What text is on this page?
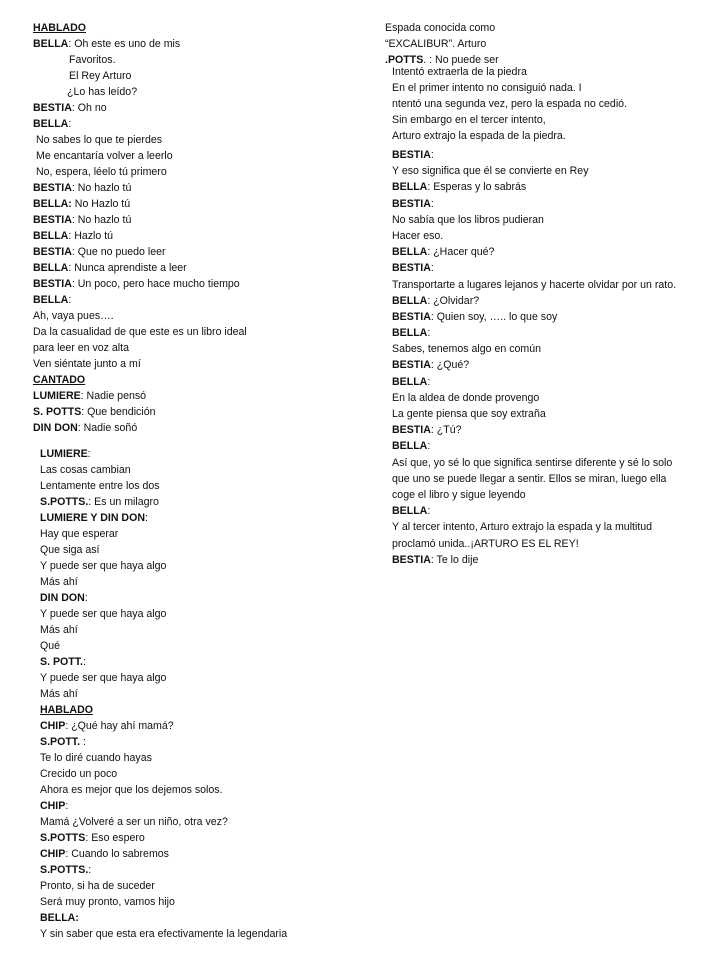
HABLADO
BELLA: Oh este es uno de mis
Favoritos.
El Rey Arturo
¿Lo has leído?
BESTIA: Oh no
BELLA:
No sabes lo que te pierdes
Me encantaría volver a leerlo
No, espera, léelo tú primero
BESTIA: No hazlo tú
BELLA: No Hazlo tú
BESTIA: No hazlo tú
BELLA: Hazlo tú
BESTIA: Que no puedo leer
BELLA: Nunca aprendiste a leer
BESTIA: Un poco, pero hace mucho tiempo
BELLA:
Ah, vaya pues….
Da la casualidad de que este es un libro ideal
para leer en voz alta
Ven siéntate junto a mí
CANTADO
LUMIERE: Nadie pensó
S. POTTS: Que bendición
DIN DON: Nadie soñó
LUMIERE:
Las cosas cambian
Lentamente entre los dos
S.POTTS.: Es un milagro
LUMIERE Y DIN DON:
Hay que esperar
Que siga así
Y puede ser que haya algo
Más ahí
DIN DON:
Y puede ser que haya algo
Más ahí
Qué
S. POTT.:
Y puede ser que haya algo
Más ahí
HABLADO
CHIP: ¿Qué hay ahí mamá?
S.POTT. :
Te lo diré cuando hayas
Crecido un poco
Ahora es mejor que los dejemos solos.
CHIP:
Mamá ¿Volveré a ser un niño, otra vez?
S.POTTS: Eso espero
CHIP: Cuando lo sabremos
S.POTTS.:
Pronto, si ha de suceder
Será muy pronto, vamos hijo
BELLA:
Y sin saber que esta era efectivamente la legendaria
Espada conocida como
“EXCALIBUR”. Arturo
.POTTS. : No puede ser
Intentó extraerla de la piedra
En el primer intento no consiguió nada. I
ntentó una segunda vez, pero la espada no cedió.
Sin embargo en el tercer intento,
Arturo extrajo la espada de la piedra.
BESTIA:
Y eso significa que él se convierte en Rey
BELLA: Esperas y lo sabrás
BESTIA:
No sabía que los libros pudieran
Hacer eso.
BELLA: ¿Hacer qué?
BESTIA:
Transportarte a lugares lejanos y hacerte olvidar por un rato.
BELLA: ¿Olvidar?
BESTIA: Quien soy, ….. lo que soy
BELLA:
Sabes, tenemos algo en común
BESTIA: ¿Qué?
BELLA:
En la aldea de donde provengo
La gente piensa que soy extraña
BESTIA: ¿Tú?
BELLA:
Así que, yo sé lo que significa sentirse diferente y sé lo solo que uno se puede llegar a sentir. Ellos se miran, luego ella coge el libro y sigue leyendo
BELLA:
Y al tercer intento, Arturo extrajo la espada y la multitud proclamó unida..¡ARTURO ES EL REY!
BESTIA: Te lo dije
